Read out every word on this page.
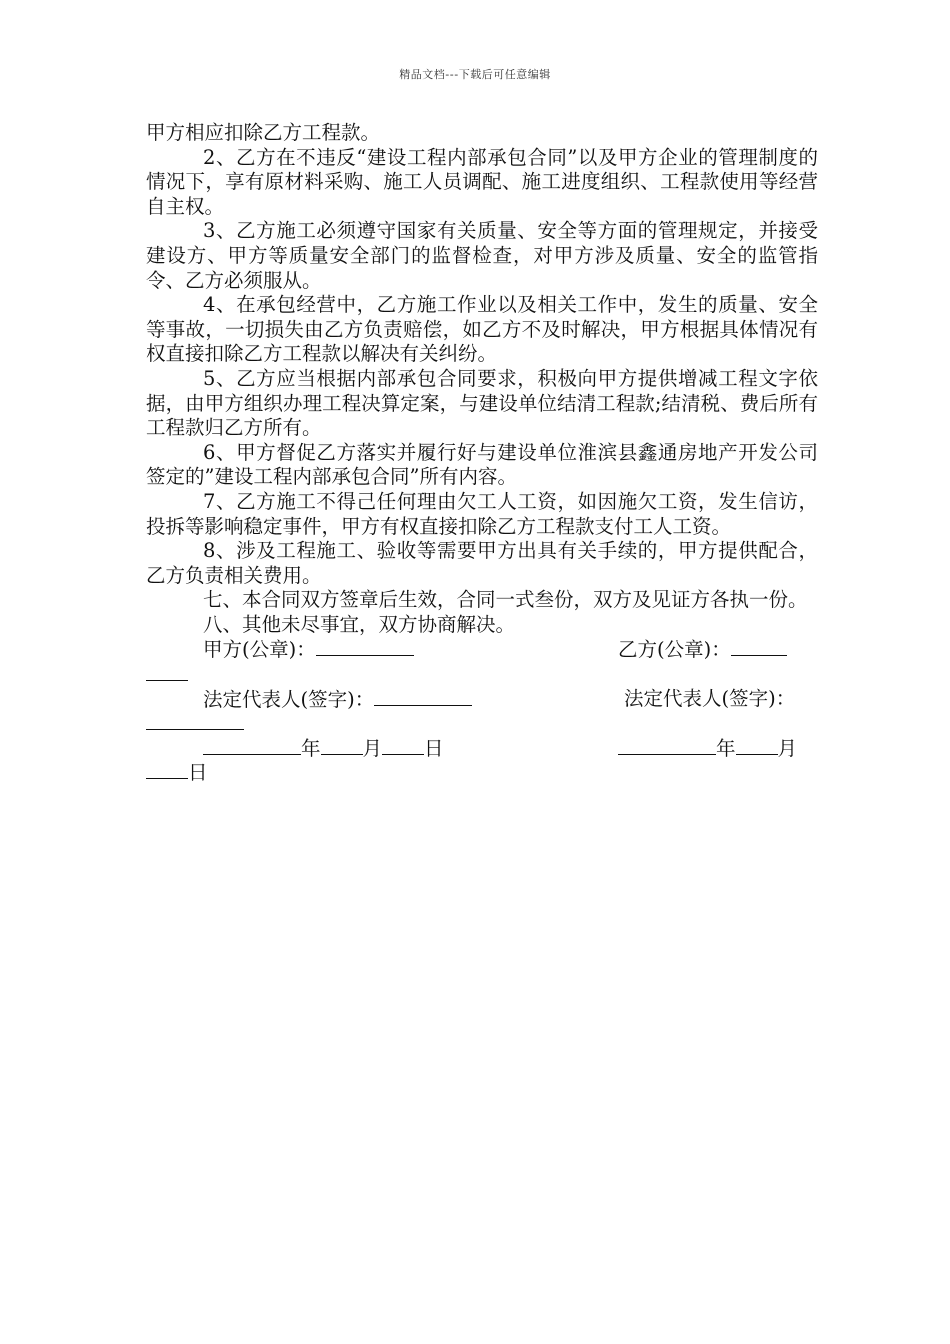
精品文档---下载后可任意编辑

甲方相应扣除乙方工程款。

2、乙方在不违反“建设工程内部承包合同”以及甲方企业的管理制度的情况下，享有原材料采购、施工人员调配、施工进度组织、工程款使用等经营自主权。

3、乙方施工必须遵守国家有关质量、安全等方面的管理规定，并接受建设方、甲方等质量安全部门的监督检查，对甲方涉及质量、安全的监管指令、乙方必须服从。

4、在承包经营中，乙方施工作业以及相关工作中，发生的质量、安全等事故，一切损失由乙方负责赔偿，如乙方不及时解决，甲方根据具体情况有权直接扣除乙方工程款以解决有关纠纷。

5、乙方应当根据内部承包合同要求，积极向甲方提供增减工程文字依据，由甲方组织办理工程决算定案，与建设单位结清工程款;结清税、费后所有工程款归乙方所有。

6、甲方督促乙方落实并履行好与建设单位淮滨县鑫通房地产开发公司签定的”建设工程内部承包合同”所有内容。

7、乙方施工不得己任何理由欠工人工资，如因施欠工资，发生信访，投拆等影响稳定事件，甲方有权直接扣除乙方工程款支付工人工资。

8、涉及工程施工、验收等需要甲方出具有关手续的，甲方提供配合，乙方负责相关费用。

七、本合同双方签章后生效，合同一式叁份，双方及见证方各执一份。

八、其他未尽事宜，双方协商解决。

甲方(公章)：	乙方(公章)：
法定代表人(签字)：	法定代表人(签字)：
年 月 日	年 月
日
